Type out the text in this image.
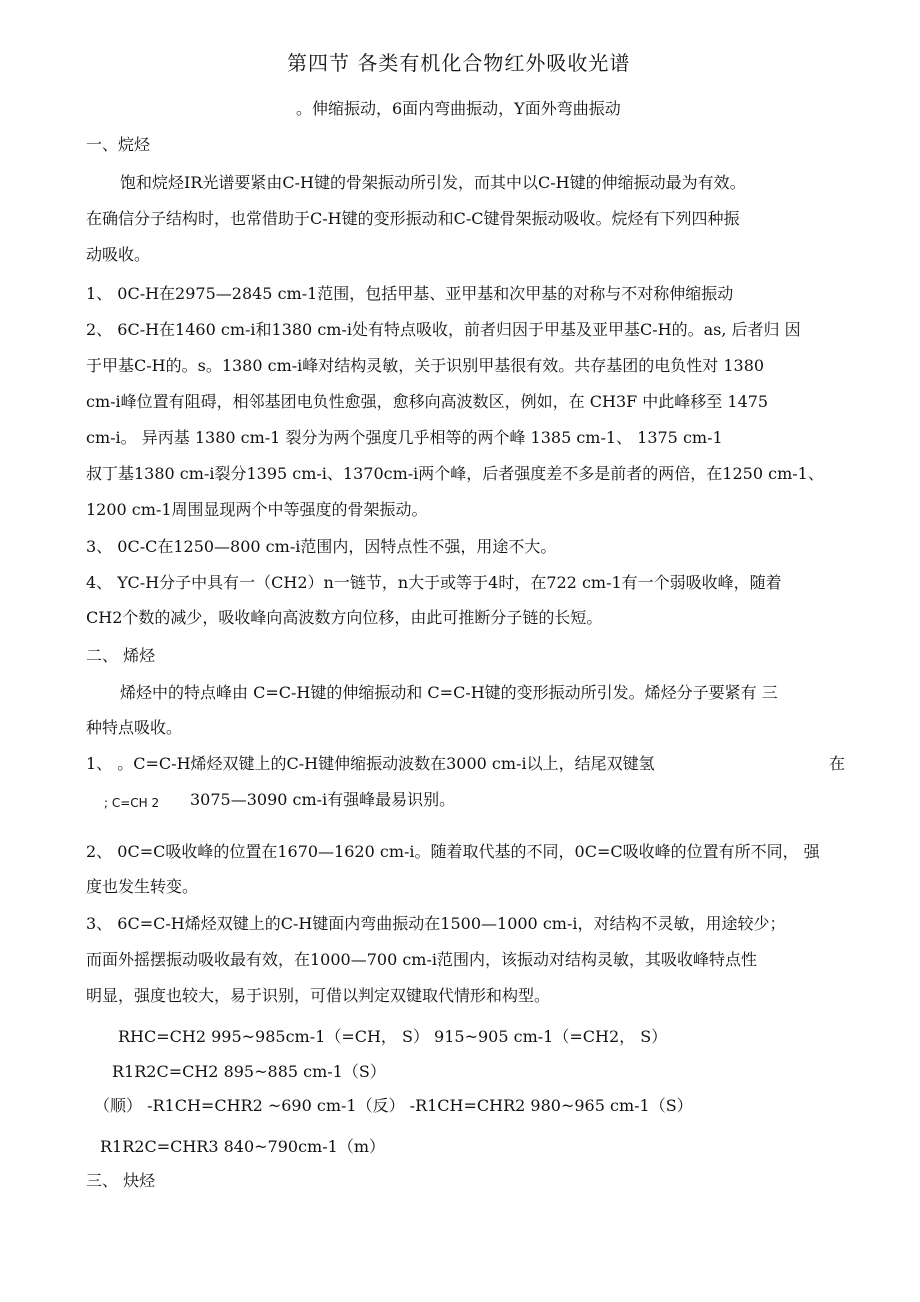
第四节 各类有机化合物红外吸收光谱
。伸缩振动，6面内弯曲振动，Y面外弯曲振动
一、烷烃
饱和烷烃IR光谱要紧由C-H键的骨架振动所引发，而其中以C-H键的伸缩振动最为有效。
在确信分子结构时，也常借助于C-H键的变形振动和C-C键骨架振动吸收。烷烃有下列四种振
动吸收。
1、 0C-H在2975—2845 cm-1范围，包括甲基、亚甲基和次甲基的对称与不对称伸缩振动
2、 6C-H在1460 cm-i和1380 cm-i处有特点吸收，前者归因于甲基及亚甲基C-H的。as, 后者归 因
于甲基C-H的。s。1380 cm-i峰对结构灵敏，关于识别甲基很有效。共存基团的电负性对 1380
cm-i峰位置有阻碍，相邻基团电负性愈强，愈移向高波数区，例如，在 CH3F 中此峰移至 1475
cm-i。 异丙基 1380 cm-1 裂分为两个强度几乎相等的两个峰 1385 cm-1、 1375 cm-1
叔丁基1380 cm-i裂分1395 cm-i、1370cm-i两个峰，后者强度差不多是前者的两倍，在1250 cm-1、
1200 cm-1周围显现两个中等强度的骨架振动。
3、 0C-C在1250—800 cm-i范围内，因特点性不强，用途不大。
4、 YC-H分子中具有一（CH2）n一链节，n大于或等于4时，在722 cm-1有一个弱吸收峰，随着
CH2个数的减少，吸收峰向高波数方向位移，由此可推断分子链的长短。
二、 烯烃
烯烃中的特点峰由 C=C-H键的伸缩振动和 C=C-H键的变形振动所引发。烯烃分子要紧有 三
种特点吸收。
1、 。C=C-H烯烃双键上的C-H键伸缩振动波数在3000 cm-i以上，结尾双键氢	在
; C=CH 2 3075—3090 cm-i有强峰最易识别。
2、 0C=C吸收峰的位置在1670—1620 cm-i。随着取代基的不同，0C=C吸收峰的位置有所不同， 强
度也发生转变。
3、 6C=C-H烯烃双键上的C-H键面内弯曲振动在1500—1000 cm-i，对结构不灵敏，用途较少；
而面外摇摆振动吸收最有效，在1000—700 cm-i范围内，该振动对结构灵敏，其吸收峰特点性
明显，强度也较大，易于识别，可借以判定双键取代情形和构型。
RHC=CH2 995~985cm-1（=CH， S） 915~905 cm-1（=CH2， S）
R1R2C=CH2 895~885 cm-1（S）
（顺） -R1CH=CHR2 ~690 cm-1（反） -R1CH=CHR2 980~965 cm-1（S）
R1R2C=CHR3 840~790cm-1（m）
三、 炔烃
